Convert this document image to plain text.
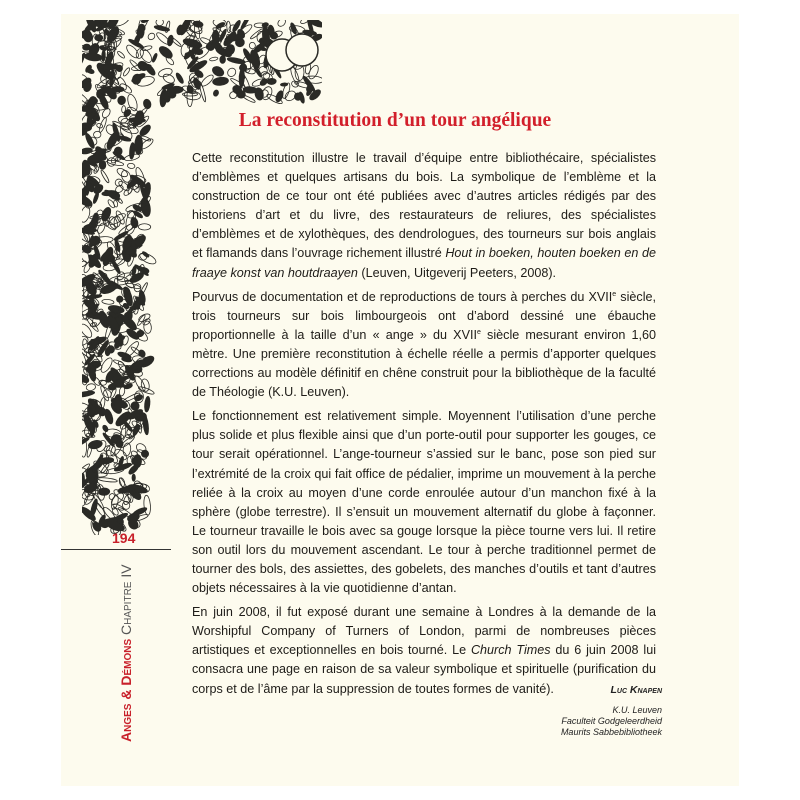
La reconstitution d’un tour angélique

Cette reconstitution illustre le travail d’équipe entre bibliothécaire, spécialistes d’emblèmes et quelques artisans du bois. La symbolique de l’emblème et la construction de ce tour ont été publiées avec d’autres articles rédigés par des historiens d’art et du livre, des restaurateurs de reliures, des spécialistes d’emblèmes et de xylothèques, des dendrologues, des tourneurs sur bois anglais et flamands dans l’ouvrage richement illustré Hout in boeken, houten boeken en de fraaye konst van houtdraayen (Leuven, Uitgeverij Peeters, 2008).

Pourvus de documentation et de reproductions de tours à perches du XVIIe siècle, trois tourneurs sur bois limbourgeois ont d’abord dessiné une ébauche proportionnelle à la taille d’un « ange » du XVIIe siècle mesurant environ 1,60 mètre. Une première reconstitution à échelle réelle a permis d’apporter quelques corrections au modèle définitif en chêne construit pour la bibliothèque de la faculté de Théologie (K.U. Leuven).

Le fonctionnement est relativement simple. Moyennent l’utilisation d’une perche plus solide et plus flexible ainsi que d’un porte-outil pour supporter les gouges, ce tour serait opérationnel. L’ange-tourneur s’assied sur le banc, pose son pied sur l’extrémité de la croix qui fait office de pédalier, imprime un mouvement à la perche reliée à la croix au moyen d’une corde enroulée autour d’un manchon fixé à la sphère (globe terrestre). Il s’ensuit un mouvement alternatif du globe à façonner. Le tourneur travaille le bois avec sa gouge lorsque la pièce tourne vers lui. Il retire son outil lors du mouvement ascendant. Le tour à perche traditionnel permet de tourner des bols, des assiettes, des gobelets, des manches d’outils et tant d’autres objets nécessaires à la vie quotidienne d’antan.

En juin 2008, il fut exposé durant une semaine à Londres à la demande de la Worshipful Company of Turners of London, parmi de nombreuses pièces artistiques et exceptionnelles en bois tourné. Le Church Times du 6 juin 2008 lui consacra une page en raison de sa valeur symbolique et spirituelle (purification du corps et de l’âme par la suppression de toutes formes de vanité).

194
Anges & Démons Chapitre IV
Luc Knapen
K.U. Leuven
Faculteit Godgeleerdheid
Maurits Sabbebibliotheek
